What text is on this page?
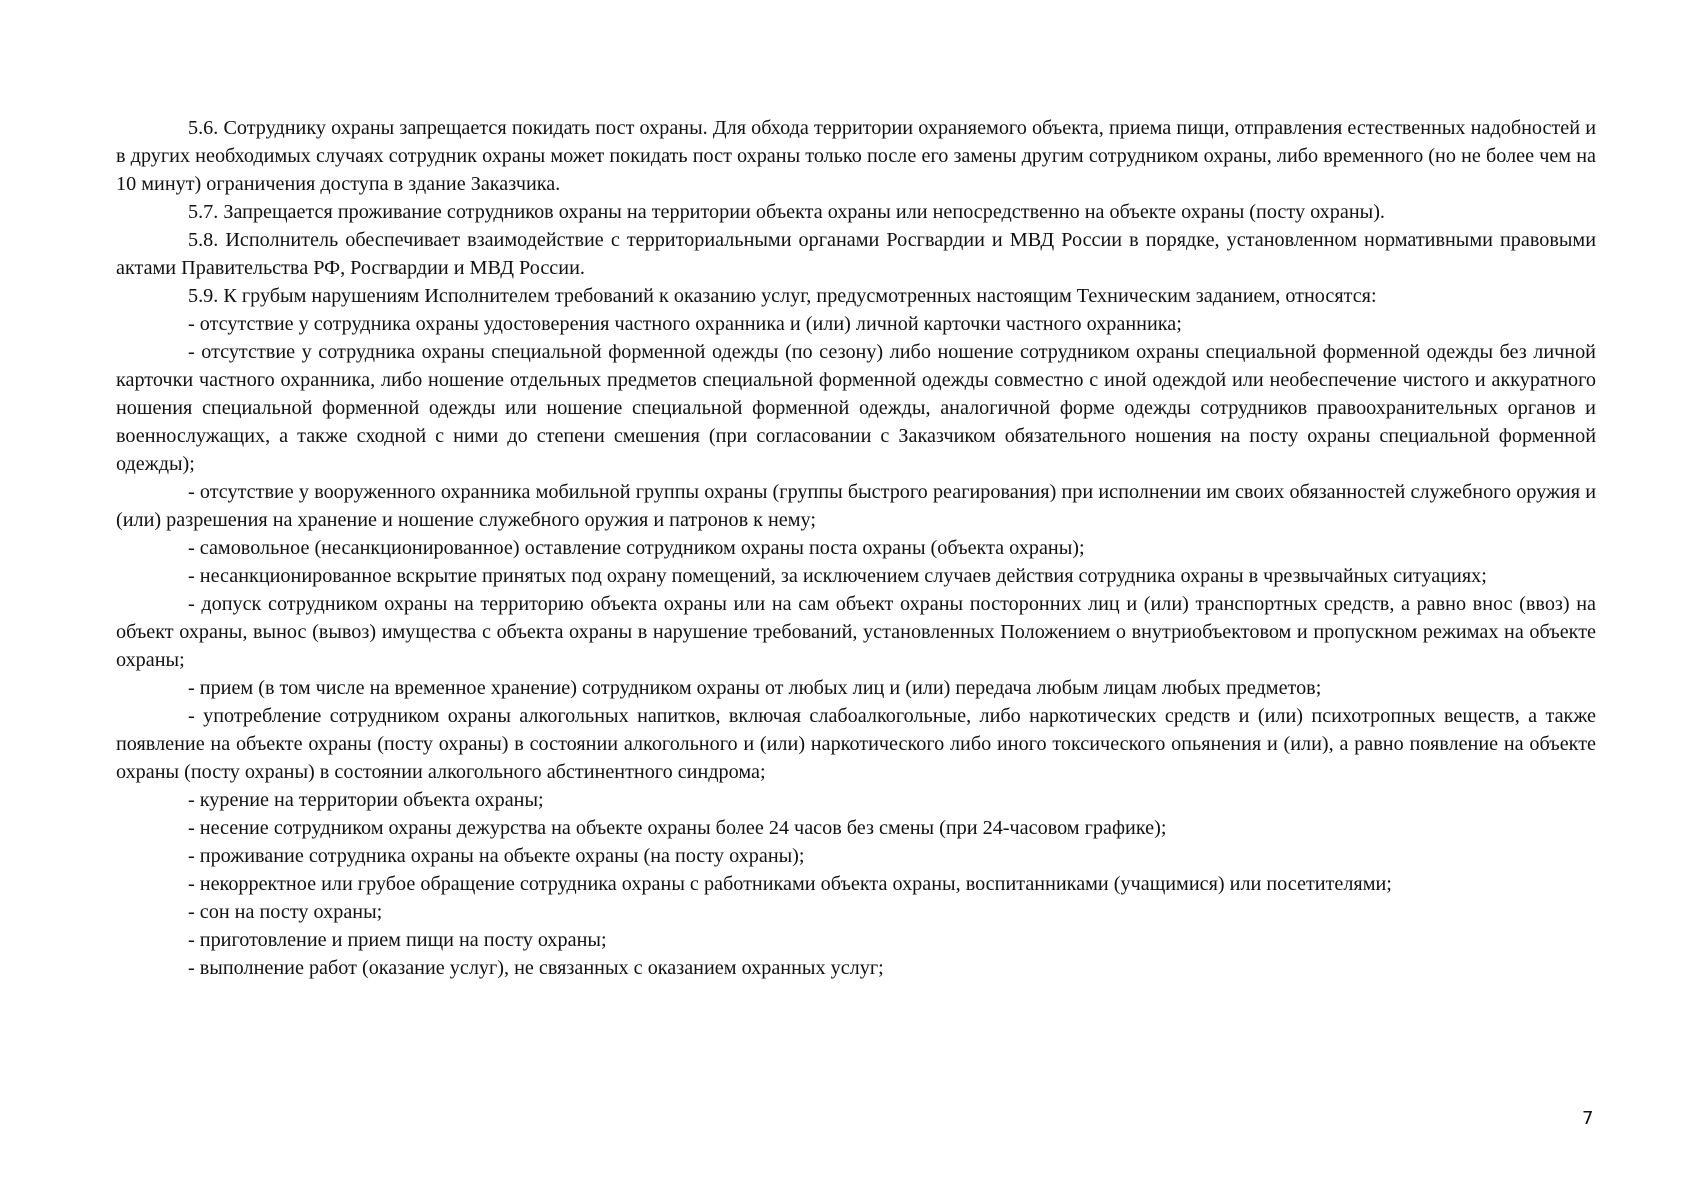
5.6. Сотруднику охраны запрещается покидать пост охраны. Для обхода территории охраняемого объекта, приема пищи, отправления естественных надобностей и в других необходимых случаях сотрудник охраны может покидать пост охраны только после его замены другим сотрудником охраны, либо временного (но не более чем на 10 минут) ограничения доступа в здание Заказчика.

5.7. Запрещается проживание сотрудников охраны на территории объекта охраны или непосредственно на объекте охраны (посту охраны).

5.8. Исполнитель обеспечивает взаимодействие с территориальными органами Росгвардии и МВД России в порядке, установленном нормативными правовыми актами Правительства РФ, Росгвардии и МВД России.

5.9. К грубым нарушениям Исполнителем требований к оказанию услуг, предусмотренных настоящим Техническим заданием, относятся:

- отсутствие у сотрудника охраны удостоверения частного охранника и (или) личной карточки частного охранника;

- отсутствие у сотрудника охраны специальной форменной одежды (по сезону) либо ношение сотрудником охраны специальной форменной одежды без личной карточки частного охранника, либо ношение отдельных предметов специальной форменной одежды совместно с иной одеждой или необеспечение чистого и аккуратного ношения специальной форменной одежды или ношение специальной форменной одежды, аналогичной форме одежды сотрудников правоохранительных органов и военнослужащих, а также сходной с ними до степени смешения (при согласовании с Заказчиком обязательного ношения на посту охраны специальной форменной одежды);

- отсутствие у вооруженного охранника мобильной группы охраны (группы быстрого реагирования) при исполнении им своих обязанностей служебного оружия и (или) разрешения на хранение и ношение служебного оружия и патронов к нему;

- самовольное (несанкционированное) оставление сотрудником охраны поста охраны (объекта охраны);

- несанкционированное вскрытие принятых под охрану помещений, за исключением случаев действия сотрудника охраны в чрезвычайных ситуациях;

- допуск сотрудником охраны на территорию объекта охраны или на сам объект охраны посторонних лиц и (или) транспортных средств, а равно внос (ввоз) на объект охраны, вынос (вывоз) имущества с объекта охраны в нарушение требований, установленных Положением о внутриобъектовом и пропускном режимах на объекте охраны;

- прием (в том числе на временное хранение) сотрудником охраны от любых лиц и (или) передача любым лицам любых предметов;

- употребление сотрудником охраны алкогольных напитков, включая слабоалкогольные, либо наркотических средств и (или) психотропных веществ, а также появление на объекте охраны (посту охраны) в состоянии алкогольного и (или) наркотического либо иного токсического опьянения и (или), а равно появление на объекте охраны (посту охраны) в состоянии алкогольного абстинентного синдрома;

- курение на территории объекта охраны;

- несение сотрудником охраны дежурства на объекте охраны более 24 часов без смены (при 24-часовом графике);

- проживание сотрудника охраны на объекте охраны (на посту охраны);

- некорректное или грубое обращение сотрудника охраны с работниками объекта охраны, воспитанниками (учащимися) или посетителями;

- сон на посту охраны;

- приготовление и прием пищи на посту охраны;

- выполнение работ (оказание услуг), не связанных с оказанием охранных услуг;

7
